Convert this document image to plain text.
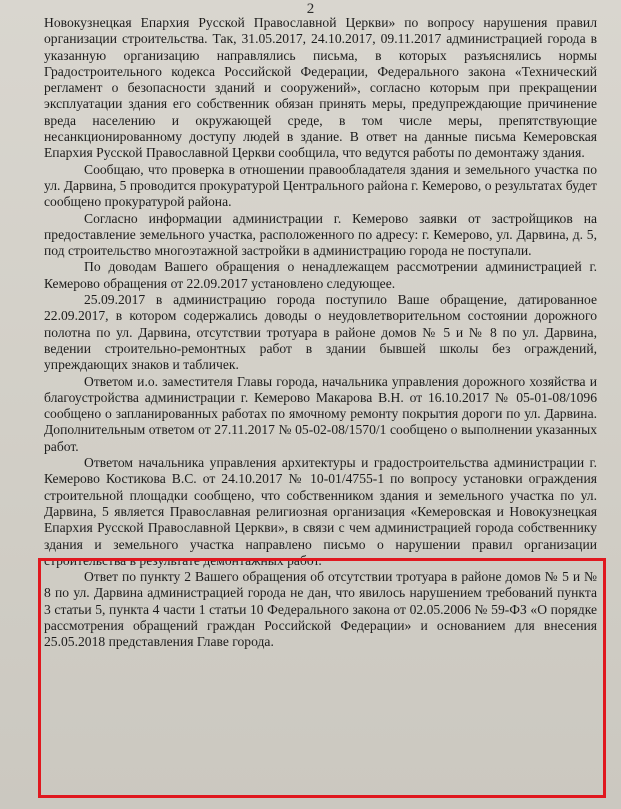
2

Новокузнецкая Епархия Русской Православной Церкви» по вопросу нарушения правил организации строительства. Так, 31.05.2017, 24.10.2017, 09.11.2017 администрацией города в указанную организацию направлялись письма, в которых разъяснялись нормы Градостроительного кодекса Российской Федерации, Федерального закона «Технический регламент о безопасности зданий и сооружений», согласно которым при прекращении эксплуатации здания его собственник обязан принять меры, предупреждающие причинение вреда населению и окружающей среде, в том числе меры, препятствующие несанкционированному доступу людей в здание. В ответ на данные письма Кемеровская Епархия Русской Православной Церкви сообщила, что ведутся работы по демонтажу здания.

Сообщаю, что проверка в отношении правообладателя здания и земельного участка по ул. Дарвина, 5 проводится прокуратурой Центрального района г. Кемерово, о результатах будет сообщено прокуратурой района.

Согласно информации администрации г. Кемерово заявки от застройщиков на предоставление земельного участка, расположенного по адресу: г. Кемерово, ул. Дарвина, д. 5, под строительство многоэтажной застройки в администрацию города не поступали.

По доводам Вашего обращения о ненадлежащем рассмотрении администрацией г. Кемерово обращения от 22.09.2017 установлено следующее.

25.09.2017 в администрацию города поступило Ваше обращение, датированное 22.09.2017, в котором содержались доводы о неудовлетворительном состоянии дорожного полотна по ул. Дарвина, отсутствии тротуара в районе домов № 5 и № 8 по ул. Дарвина, ведении строительно-ремонтных работ в здании бывшей школы без ограждений, упреждающих знаков и табличек.

Ответом и.о. заместителя Главы города, начальника управления дорожного хозяйства и благоустройства администрации г. Кемерово Макарова В.Н. от 16.10.2017 № 05-01-08/1096 сообщено о запланированных работах по ямочному ремонту покрытия дороги по ул. Дарвина. Дополнительным ответом от 27.11.2017 № 05-02-08/1570/1 сообщено о выполнении указанных работ.

Ответом начальника управления архитектуры и градостроительства администрации г. Кемерово Костикова В.С. от 24.10.2017 № 10-01/4755-1 по вопросу установки ограждения строительной площадки сообщено, что собственником здания и земельного участка по ул. Дарвина, 5 является Православная религиозная организация «Кемеровская и Новокузнецкая Епархия Русской Православной Церкви», в связи с чем администрацией города собственнику здания и земельного участка направлено письмо о нарушении правил организации строительства в результате демонтажных работ.

Ответ по пункту 2 Вашего обращения об отсутствии тротуара в районе домов № 5 и № 8 по ул. Дарвина администрацией города не дан, что явилось нарушением требований пункта 3 статьи 5, пункта 4 части 1 статьи 10 Федерального закона от 02.05.2006 № 59-ФЗ «О порядке рассмотрения обращений граждан Российской Федерации» и основанием для внесения 25.05.2018 представления Главе города.
